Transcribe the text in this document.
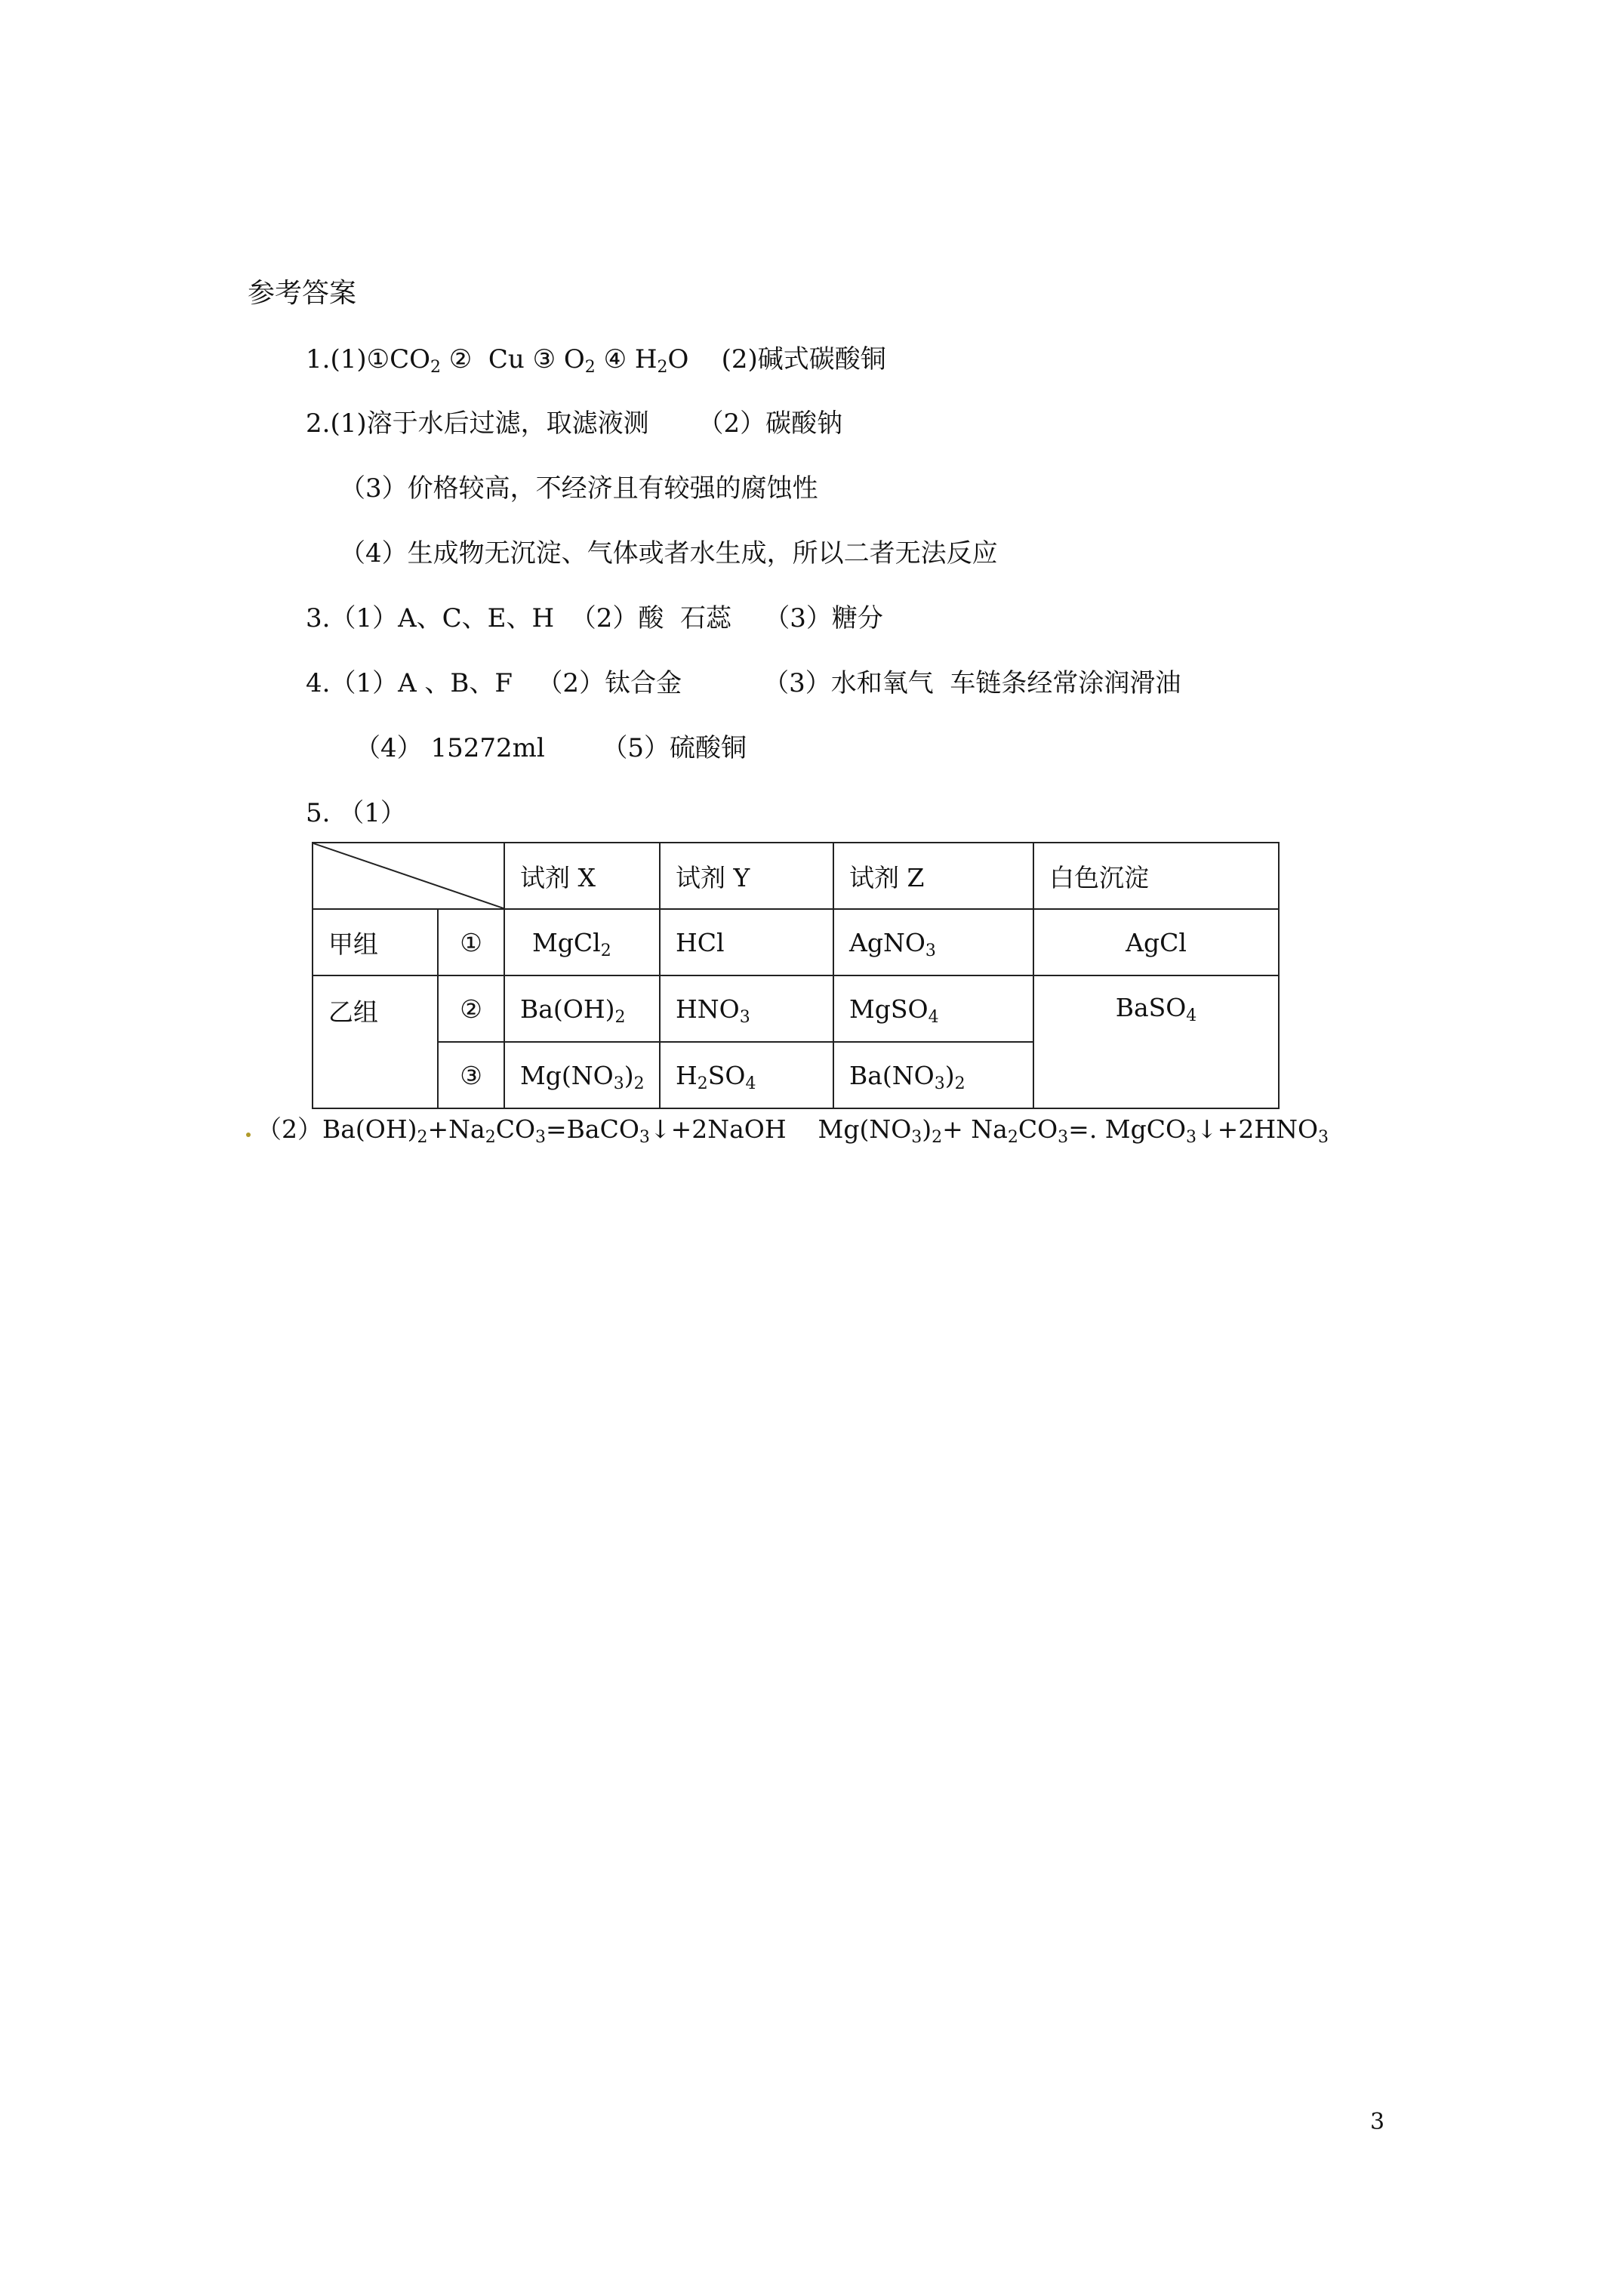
参考答案
$1.(1)①CO_2$ ②  Cu ③ $O_2$ ④ $H_2O$    (2)碱式碳酸铜
2.(1)溶于水后过滤，取滤液测      （2）碳酸钠
（3）价格较高，不经济且有较强的腐蚀性
（4）生成物无沉淀、气体或者水生成，所以二者无法反应
3.（1）A、C、E、H  （2）酸  石蕊    （3）糖分
4.（1）A 、B、F   （2）钛合金          （3）水和氧气  车链条经常涂润滑油
（4） 15272ml       （5）硫酸铜
5. （1）
	试剂 X	试剂 Y	试剂 Z	白色沉淀
甲组	①	MgCl$_2$	HCl	AgNO$_3$	AgCl
乙组	②	$Ba(OH)_2$	$HNO_3$	MgSO$_4$	BaSO$_4$
	③	$Mg(NO_3)_2$	$H_2SO_4$	$Ba(NO_3)_2$
$(2)Ba(OH)_2+Na_2CO_3=BaCO_3↓+2NaOH$    $Mg(NO_3)_2+ Na_2CO_3=$. $MgCO_3↓+2HNO_3$
3
